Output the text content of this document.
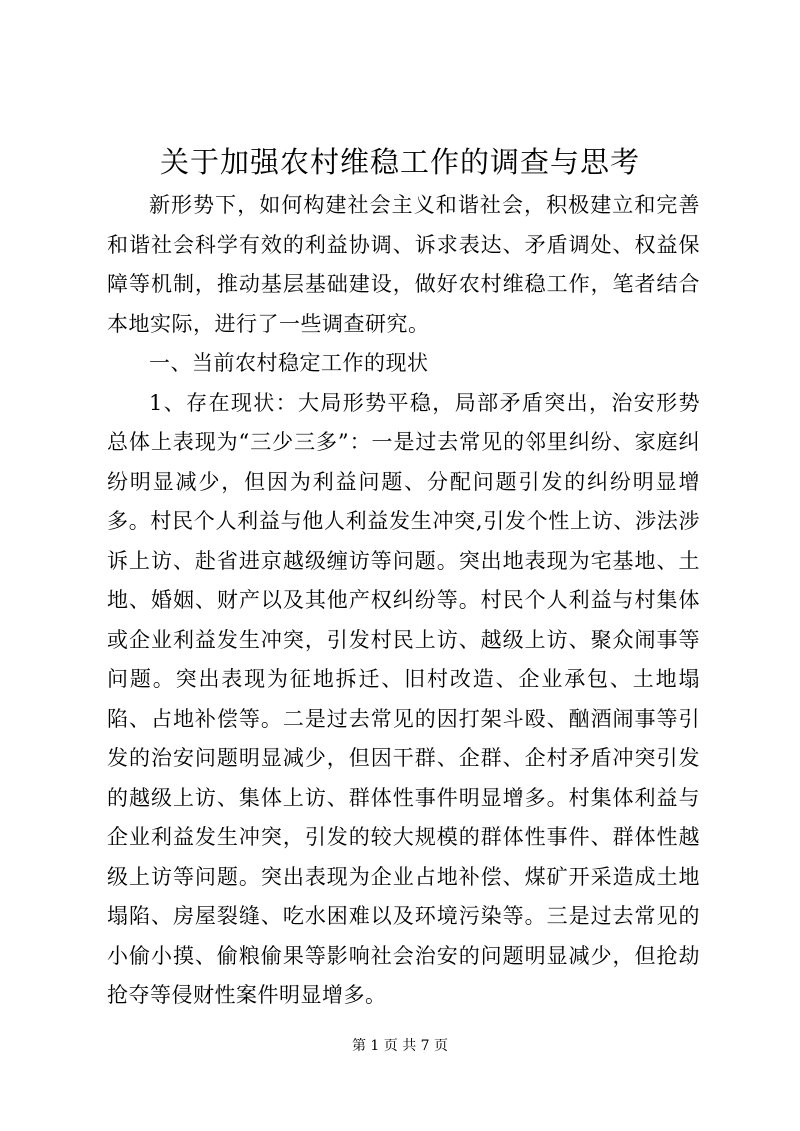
关于加强农村维稳工作的调查与思考

新形势下，如何构建社会主义和谐社会，积极建立和完善和谐社会科学有效的利益协调、诉求表达、矛盾调处、权益保障等机制，推动基层基础建设，做好农村维稳工作，笔者结合本地实际，进行了一些调查研究。

一、当前农村稳定工作的现状

1、存在现状：大局形势平稳，局部矛盾突出，治安形势总体上表现为“三少三多”：一是过去常见的邻里纠纷、家庭纠纷明显减少，但因为利益问题、分配问题引发的纠纷明显增多。村民个人利益与他人利益发生冲突,引发个性上访、涉法涉诉上访、赴省进京越级缠访等问题。突出地表现为宅基地、土地、婚姻、财产以及其他产权纠纷等。村民个人利益与村集体或企业利益发生冲突，引发村民上访、越级上访、聚众闹事等问题。突出表现为征地拆迁、旧村改造、企业承包、土地塌陷、占地补偿等。二是过去常见的因打架斗殴、酗酒闹事等引发的治安问题明显减少，但因干群、企群、企村矛盾冲突引发的越级上访、集体上访、群体性事件明显增多。村集体利益与企业利益发生冲突，引发的较大规模的群体性事件、群体性越级上访等问题。突出表现为企业占地补偿、煤矿开采造成土地塌陷、房屋裂缝、吃水困难以及环境污染等。三是过去常见的小偷小摸、偷粮偷果等影响社会治安的问题明显减少，但抢劫抢夺等侵财性案件明显增多。

第 1 页 共 7 页
